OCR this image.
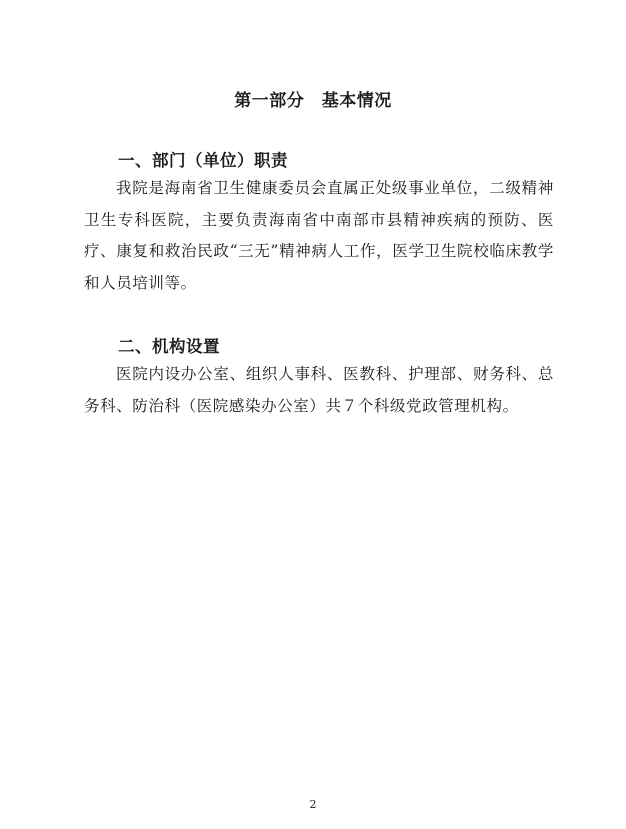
第一部分　基本情况
一、部门（单位）职责
我院是海南省卫生健康委员会直属正处级事业单位，二级精神卫生专科医院，主要负责海南省中南部市县精神疾病的预防、医疗、康复和救治民政“三无”精神病人工作，医学卫生院校临床教学和人员培训等。
二、机构设置
医院内设办公室、组织人事科、医教科、护理部、财务科、总务科、防治科（医院感染办公室）共７个科级党政管理机构。
2
